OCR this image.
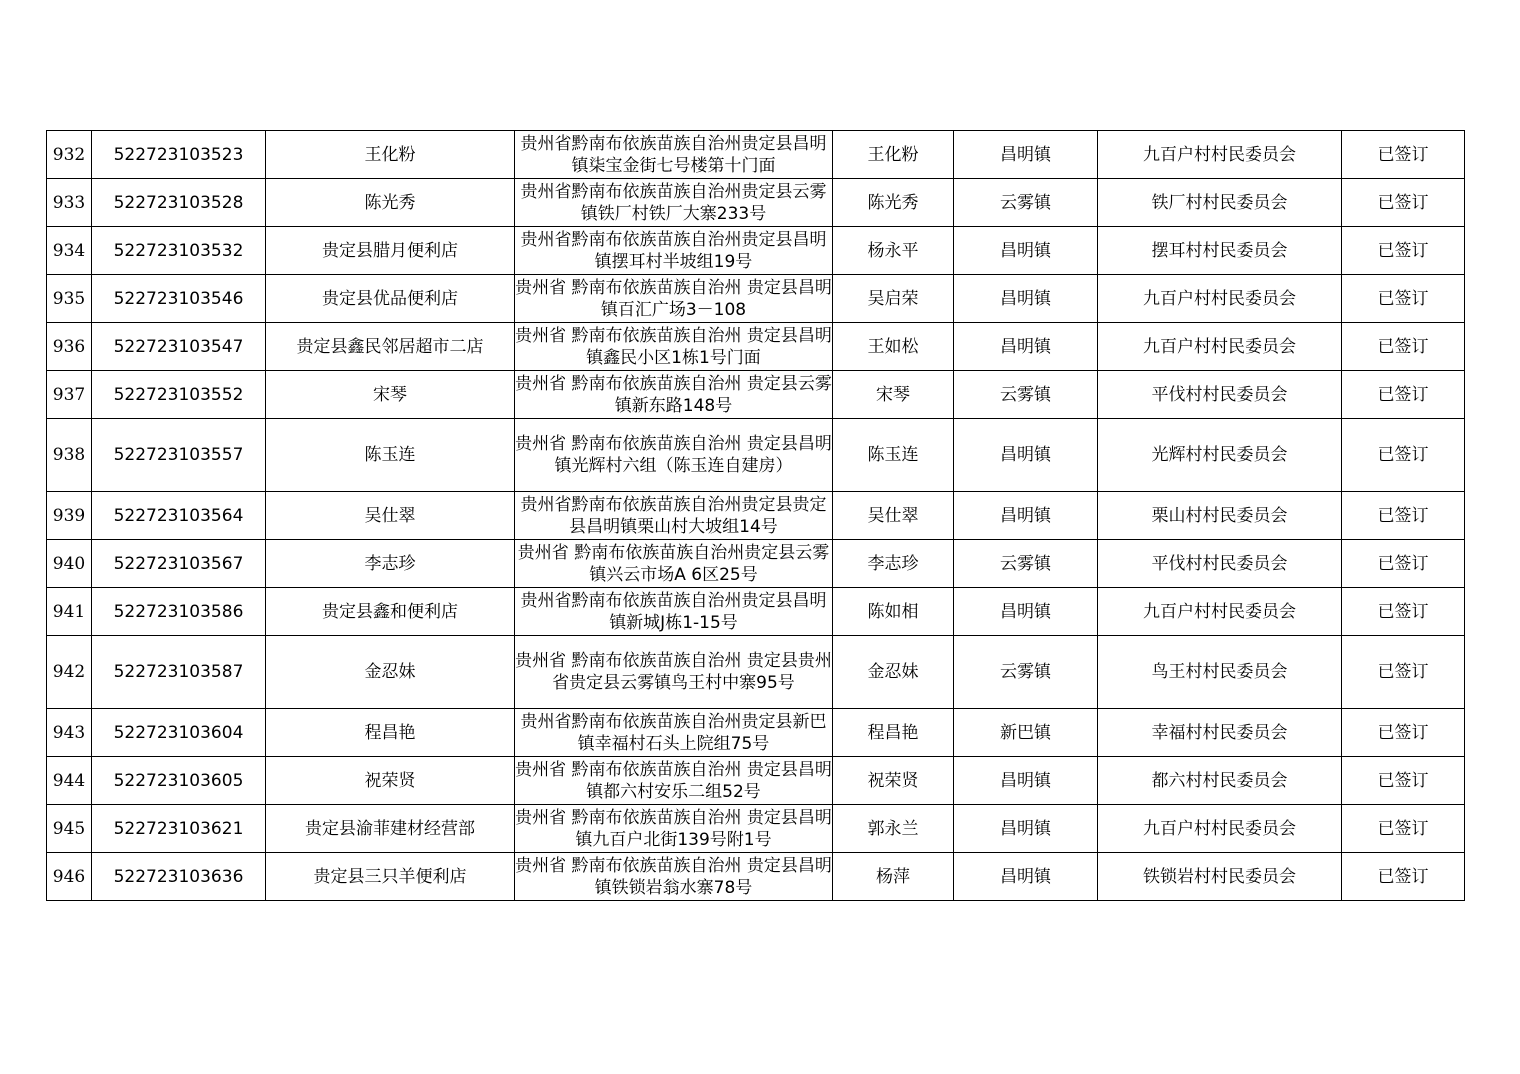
932	522723103523	王化粉	贵州省黔南布依族苗族自治州贵定县昌明镇柒宝金街七号楼第十门面	王化粉	昌明镇	九百户村村民委员会	已签订
933	522723103528	陈光秀	贵州省黔南布依族苗族自治州贵定县云雾镇铁厂村铁厂大寨233号	陈光秀	云雾镇	铁厂村村民委员会	已签订
934	522723103532	贵定县腊月便利店	贵州省黔南布依族苗族自治州贵定县昌明镇摆耳村半坡组19号	杨永平	昌明镇	摆耳村村民委员会	已签订
935	522723103546	贵定县优品便利店	贵州省 黔南布依族苗族自治州 贵定县昌明镇百汇广场3－108	吴启荣	昌明镇	九百户村村民委员会	已签订
936	522723103547	贵定县鑫民邻居超市二店	贵州省 黔南布依族苗族自治州 贵定县昌明镇鑫民小区1栋1号门面	王如松	昌明镇	九百户村村民委员会	已签订
937	522723103552	宋琴	贵州省 黔南布依族苗族自治州 贵定县云雾镇新东路148号	宋琴	云雾镇	平伐村村民委员会	已签订
938	522723103557	陈玉连	贵州省 黔南布依族苗族自治州 贵定县昌明镇光辉村六组（陈玉连自建房）	陈玉连	昌明镇	光辉村村民委员会	已签订
939	522723103564	吴仕翠	贵州省黔南布依族苗族自治州贵定县贵定县昌明镇栗山村大坡组14号	吴仕翠	昌明镇	栗山村村民委员会	已签订
940	522723103567	李志珍	贵州省 黔南布依族苗族自治州贵定县云雾镇兴云市场A 6区25号	李志珍	云雾镇	平伐村村民委员会	已签订
941	522723103586	贵定县鑫和便利店	贵州省黔南布依族苗族自治州贵定县昌明镇新城J栋1-15号	陈如相	昌明镇	九百户村村民委员会	已签订
942	522723103587	金忍妹	贵州省 黔南布依族苗族自治州 贵定县贵州省贵定县云雾镇鸟王村中寨95号	金忍妹	云雾镇	鸟王村村民委员会	已签订
943	522723103604	程昌艳	贵州省黔南布依族苗族自治州贵定县新巴镇幸福村石头上院组75号	程昌艳	新巴镇	幸福村村民委员会	已签订
944	522723103605	祝荣贤	贵州省 黔南布依族苗族自治州 贵定县昌明镇都六村安乐二组52号	祝荣贤	昌明镇	都六村村民委员会	已签订
945	522723103621	贵定县渝菲建材经营部	贵州省 黔南布依族苗族自治州 贵定县昌明镇九百户北街139号附1号	郭永兰	昌明镇	九百户村村民委员会	已签订
946	522723103636	贵定县三只羊便利店	贵州省 黔南布依族苗族自治州 贵定县昌明镇铁锁岩翁水寨78号	杨萍	昌明镇	铁锁岩村村民委员会	已签订
